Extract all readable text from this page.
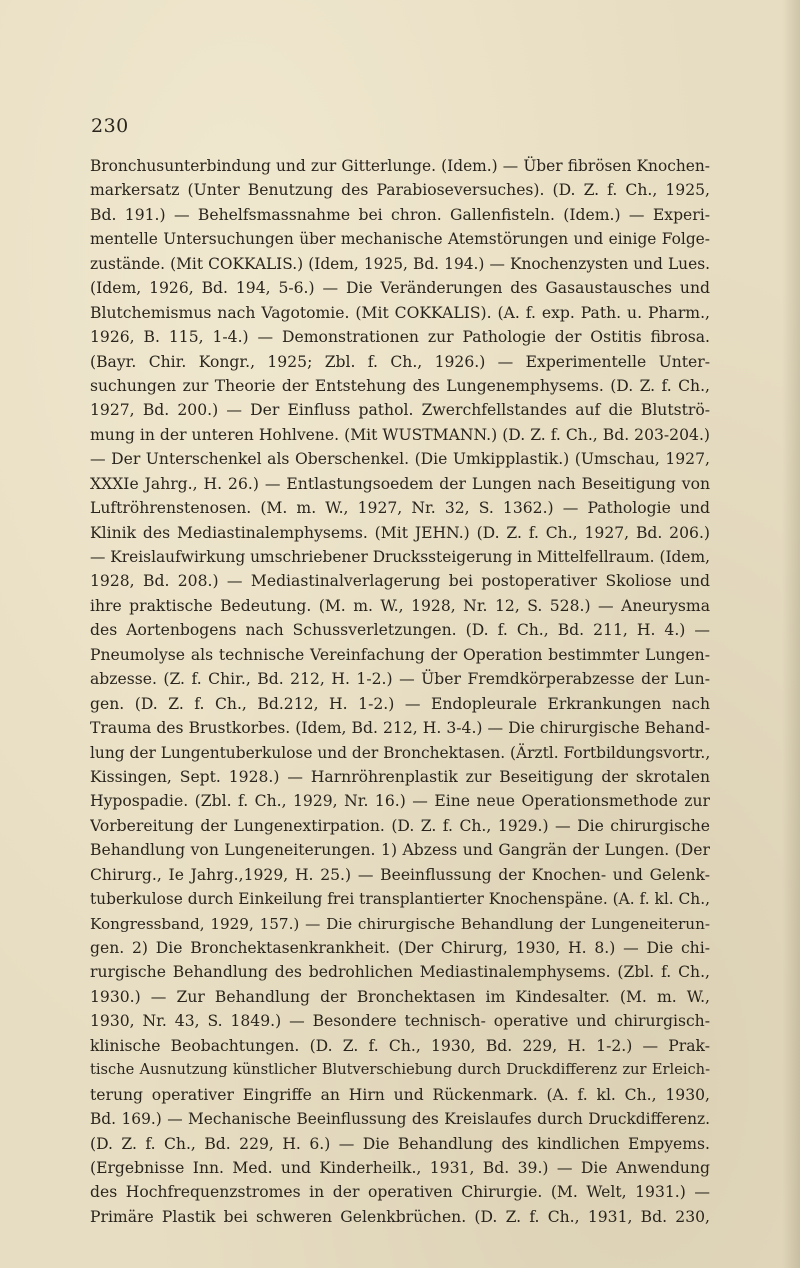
230
Bronchusunterbindung und zur Gitterlunge. (Idem.) — Über fibrösen Knochen-
markersatz (Unter Benutzung des Parabioseversuches). (D. Z. f. Ch., 1925,
Bd. 191.) — Behelfsmassnahme bei chron. Gallenfisteln. (Idem.) — Experi-
mentelle Untersuchungen über mechanische Atemstörungen und einige Folge-
zustände. (Mit COKKALIS.) (Idem, 1925, Bd. 194.) — Knochenzysten und Lues.
(Idem, 1926, Bd. 194, 5-6.) — Die Veränderungen des Gasaustausches und
Blutchemismus nach Vagotomie. (Mit COKKALIS). (A. f. exp. Path. u. Pharm.,
1926, B. 115, 1-4.) — Demonstrationen zur Pathologie der Ostitis fibrosa.
(Bayr. Chir. Kongr., 1925; Zbl. f. Ch., 1926.) — Experimentelle Unter-
suchungen zur Theorie der Entstehung des Lungenemphysems. (D. Z. f. Ch.,
1927, Bd. 200.) — Der Einfluss pathol. Zwerchfellstandes auf die Blutströ-
mung in der unteren Hohlvene. (Mit WUSTMANN.) (D. Z. f. Ch., Bd. 203-204.)
— Der Unterschenkel als Oberschenkel. (Die Umkipplastik.) (Umschau, 1927,
XXXIe Jahrg., H. 26.) — Entlastungsoedem der Lungen nach Beseitigung von
Luftröhrenstenosen. (M. m. W., 1927, Nr. 32, S. 1362.) — Pathologie und
Klinik des Mediastinalemphysems. (Mit JEHN.) (D. Z. f. Ch., 1927, Bd. 206.)
— Kreislaufwirkung umschriebener Druckssteigerung in Mittelfellraum. (Idem,
1928, Bd. 208.) — Mediastinalverlagerung bei postoperativer Skoliose und
ihre praktische Bedeutung. (M. m. W., 1928, Nr. 12, S. 528.) — Aneurysma
des Aortenbogens nach Schussverletzungen. (D. f. Ch., Bd. 211, H. 4.) —
Pneumolyse als technische Vereinfachung der Operation bestimmter Lungen-
abzesse. (Z. f. Chir., Bd. 212, H. 1-2.) — Über Fremdkörperabzesse der Lun-
gen. (D. Z. f. Ch., Bd.212, H. 1-2.) — Endopleurale Erkrankungen nach
Trauma des Brustkorbes. (Idem, Bd. 212, H. 3-4.) — Die chirurgische Behand-
lung der Lungentuberkulose und der Bronchektasen. (Ärztl. Fortbildungsvortr.,
Kissingen, Sept. 1928.) — Harnröhrenplastik zur Beseitigung der skrotalen
Hypospadie. (Zbl. f. Ch., 1929, Nr. 16.) — Eine neue Operationsmethode zur
Vorbereitung der Lungenextirpation. (D. Z. f. Ch., 1929.) — Die chirurgische
Behandlung von Lungeneiterungen. 1) Abzess und Gangrän der Lungen. (Der
Chirurg., Ie Jahrg.,1929, H. 25.) — Beeinflussung der Knochen- und Gelenk-
tuberkulose durch Einkeilung frei transplantierter Knochenspäne. (A. f. kl. Ch.,
Kongressband, 1929, 157.) — Die chirurgische Behandlung der Lungeneiterun-
gen. 2) Die Bronchektasenkrankheit. (Der Chirurg, 1930, H. 8.) — Die chi-
rurgische Behandlung des bedrohlichen Mediastinalemphysems. (Zbl. f. Ch.,
1930.) — Zur Behandlung der Bronchektasen im Kindesalter. (M. m. W.,
1930, Nr. 43, S. 1849.) — Besondere technisch- operative und chirurgisch-
klinische Beobachtungen. (D. Z. f. Ch., 1930, Bd. 229, H. 1-2.) — Prak-
tische Ausnutzung künstlicher Blutverschiebung durch Druckdifferenz zur Erleich-
terung operativer Eingriffe an Hirn und Rückenmark. (A. f. kl. Ch., 1930,
Bd. 169.) — Mechanische Beeinflussung des Kreislaufes durch Druckdifferenz.
(D. Z. f. Ch., Bd. 229, H. 6.) — Die Behandlung des kindlichen Empyems.
(Ergebnisse Inn. Med. und Kinderheilk., 1931, Bd. 39.) — Die Anwendung
des Hochfrequenzstromes in der operativen Chirurgie. (M. Welt, 1931.) —
Primäre Plastik bei schweren Gelenkbrüchen. (D. Z. f. Ch., 1931, Bd. 230,
